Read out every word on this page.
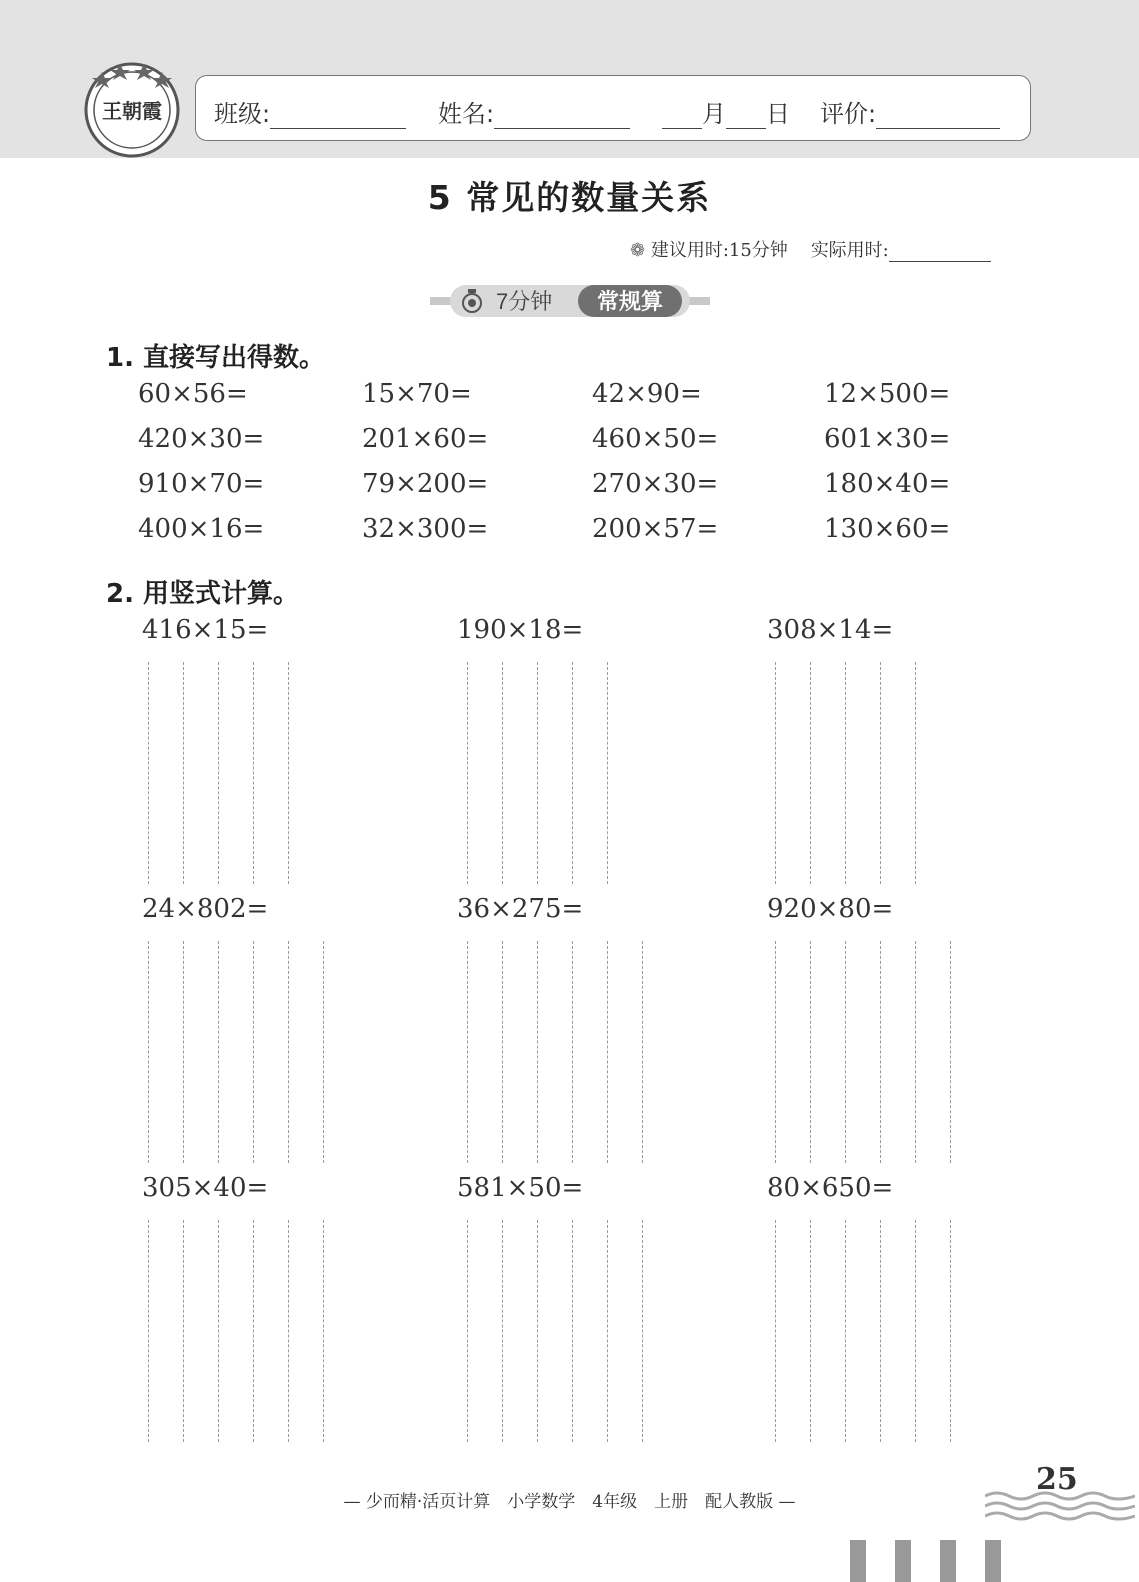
王朝霞 班级:	姓名:	月 日 评价:
5 常见的数量关系
❁ 建议用时:15分钟 实际用时:
7分钟 常规算
1. 直接写出得数。
60×56=	15×70=	42×90=	12×500=
420×30=	201×60=	460×50=	601×30=
910×70=	79×200=	270×30=	180×40=
400×16=	32×300=	200×57=	130×60=
2. 用竖式计算。
416×15=	190×18=	308×14=
24×802=	36×275=	920×80=
305×40=	581×50=	80×650=
— 少而精·活页计算　小学数学　4年级　上册　配人教版 —
25
